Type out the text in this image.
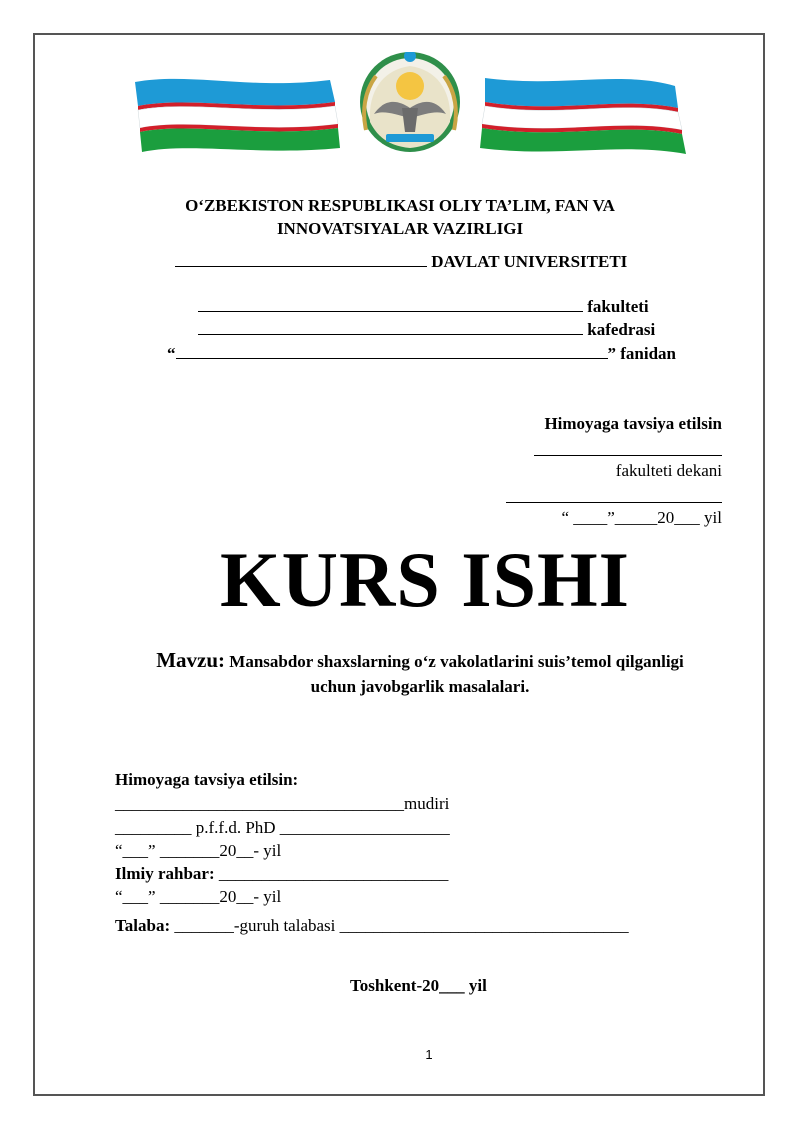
O‘ZBEKISTON RESPUBLIKASI OLIY TA’LIM, FAN VA
INNOVATSIYALAR VAZIRLIGI
DAVLAT UNIVERSITETI
fakulteti
kafedrasi
“	” fanidan
Himoyaga tavsiya etilsin
fakulteti dekani
“ ____”_____20___ yil
KURS ISHI
Mavzu: Mansabdor shaxslarning o‘z vakolatlarini suis’temol qilganligi
uchun javobgarlik masalalari.
Himoyaga tavsiya etilsin:
__________________________________mudiri
_________ p.f.f.d. PhD ____________________
“___” _______20__- yil
Ilmiy rahbar: ___________________________
“___” _______20__- yil
Talaba: _______-guruh talabasi __________________________________
Toshkent-20___ yil
1
